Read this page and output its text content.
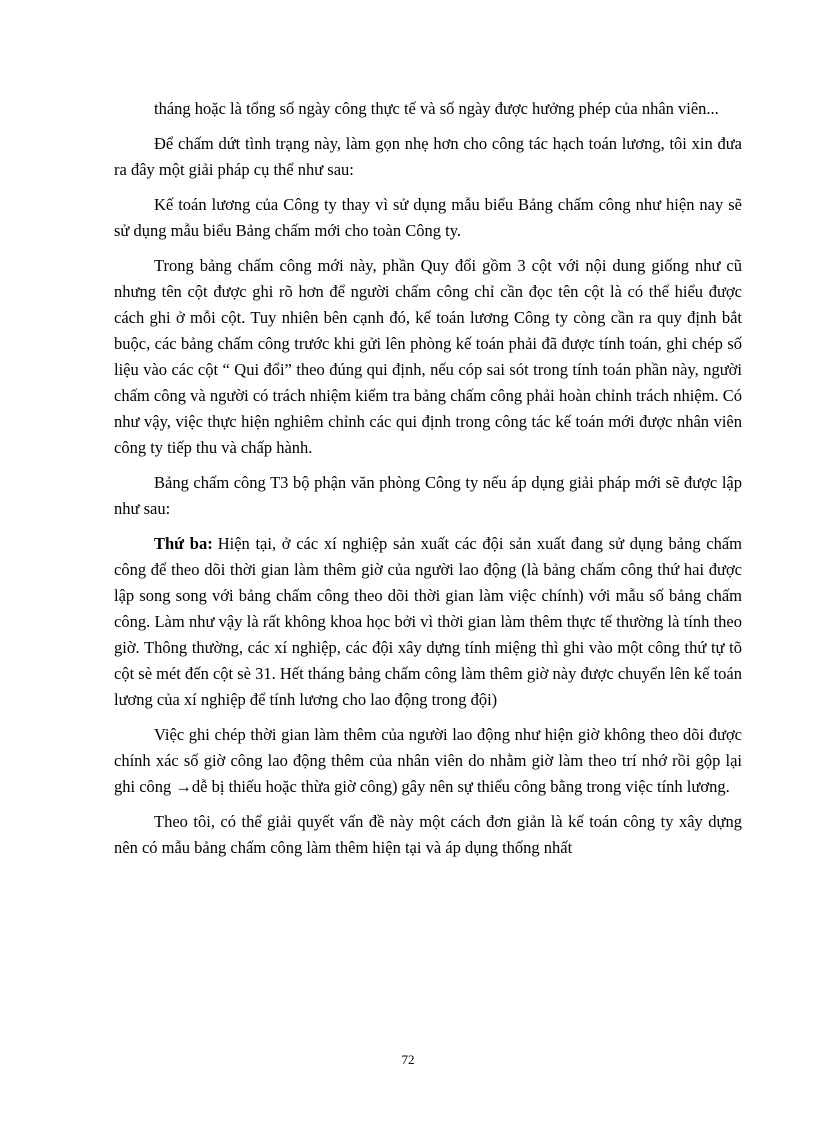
tháng hoặc là tổng số ngày công thực tế và số ngày được hưởng phép của nhân viên...

Để chấm dứt tình trạng này, làm gọn nhẹ hơn cho công tác hạch toán lương, tôi xin đưa ra đây một giải pháp cụ thể như sau:

Kế toán lương của Công ty thay vì sử dụng mẫu biểu Bảng chấm công như hiện nay sẽ sử dụng mẫu biểu Bảng chấm mới cho toàn Công ty.

Trong bảng chấm công mới này, phần Quy đổi gồm 3 cột với nội dung giống như cũ nhưng tên cột được ghi rõ hơn để người chấm công chỉ cần đọc tên cột là có thể hiểu được cách ghi ở mỗi cột. Tuy nhiên bên cạnh đó, kế toán lương Công ty còng cần ra quy định bắt buộc, các bảng chấm công trước khi gửi lên phòng kế toán phải đã được tính toán, ghi chép số liệu vào các cột “ Qui đổi” theo đúng qui định, nếu cóp sai sót trong tính toán phần này, người chấm công và người có trách nhiệm kiểm tra bảng chấm công phải hoàn chỉnh trách nhiệm. Có như vậy, việc thực hiện nghiêm chỉnh các qui định trong công tác kế toán mới được nhân viên công ty tiếp thu và chấp hành.

Bảng chấm công T3 bộ phận văn phòng Công ty nếu áp dụng giải pháp mới sẽ được lập như sau:

Thứ ba: Hiện tại, ở các xí nghiệp sản xuất các đội sản xuất đang sử dụng bảng chấm công để theo dõi thời gian làm thêm giờ của người lao động (là bảng chấm công thứ hai được lập song song với bảng chấm công theo dõi thời gian làm việc chính) với mẫu số bảng chấm công. Làm như vậy là rất không khoa học bởi vì thời gian làm thêm thực tế thường là tính theo giờ. Thông thường, các xí nghiệp, các đội xây dựng tính miệng thì ghi vào một công thứ tự tõ cột sè mét đến cột sè 31. Hết tháng bảng chấm công làm thêm giờ này được chuyển lên kế toán lương của xí nghiệp để tính lương cho lao động trong đội)

Việc ghi chép thời gian làm thêm của người lao động như hiện giờ không theo dõi được chính xác số giờ công lao động thêm của nhân viên do nhằm giờ làm theo trí nhớ rồi gộp lại ghi công →dễ bị thiếu hoặc thừa giờ công) gây nên sự thiếu công bằng trong việc tính lương.

Theo tôi, có thể giải quyết vấn đề này một cách đơn giản là kế toán công ty xây dựng nên có mẫu bảng chấm công làm thêm hiện tại và áp dụng thống nhất

72
